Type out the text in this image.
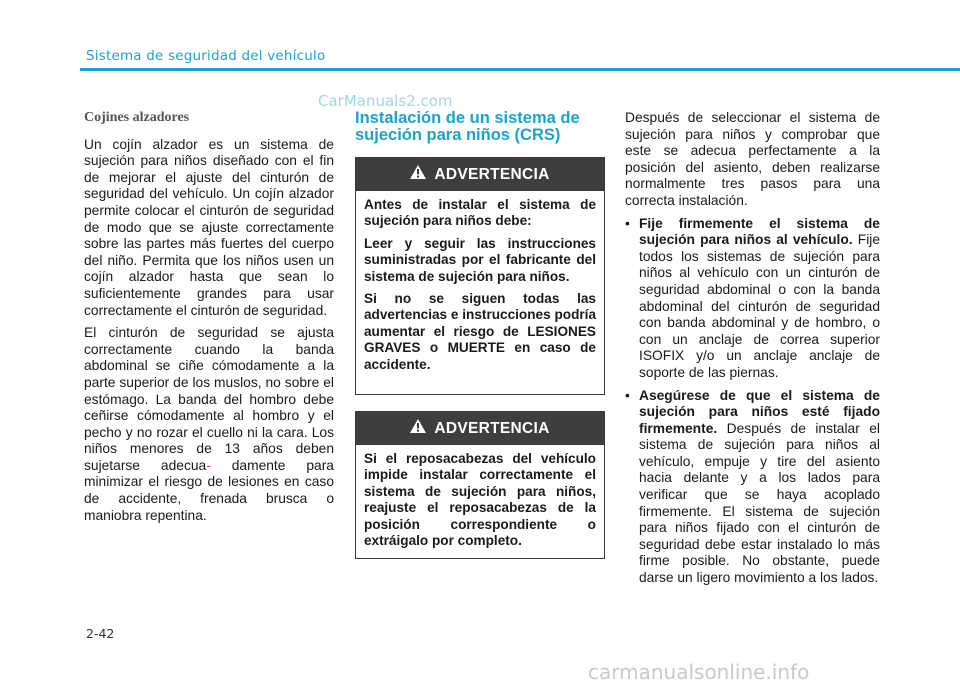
Sistema de seguridad del vehículo
CarManuals2.com
Cojines alzadores

Un cojín alzador es un sistema de sujeción para niños diseñado con el fin de mejorar el ajuste del cinturón de seguridad del vehículo. Un cojín alzador permite colocar el cinturón de seguridad de modo que se ajuste correctamente sobre las partes más fuertes del cuerpo del niño. Permita que los niños usen un cojín alzador hasta que sean lo suficientemente grandes para usar correctamente el cinturón de seguridad.

El cinturón de seguridad se ajusta correctamente cuando la banda abdominal se ciñe cómodamente a la parte superior de los muslos, no sobre el estómago. La banda del hombro debe ceñirse cómodamente al hombro y el pecho y no rozar el cuello ni la cara. Los niños menores de 13 años deben sujetarse adecua- damente para minimizar el riesgo de lesiones en caso de accidente, frenada brusca o maniobra repentina.

Instalación de un sistema de sujeción para niños (CRS)
ADVERTENCIA

Antes de instalar el sistema de sujeción para niños debe:

Leer y seguir las instrucciones suministradas por el fabricante del sistema de sujeción para niños.

Si no se siguen todas las advertencias e instrucciones podría aumentar el riesgo de LESIONES GRAVES o MUERTE en caso de accidente.

ADVERTENCIA

Si el reposacabezas del vehículo impide instalar correctamente el sistema de sujeción para niños, reajuste el reposacabezas de la posición correspondiente o extráigalo por completo.

Después de seleccionar el sistema de sujeción para niños y comprobar que este se adecua perfectamente a la posición del asiento, deben realizarse normalmente tres pasos para una correcta instalación.

• Fije firmemente el sistema de sujeción para niños al vehículo. Fije todos los sistemas de sujeción para niños al vehículo con un cinturón de seguridad abdominal o con la banda abdominal del cinturón de seguridad con banda abdominal y de hombro, o con un anclaje de correa superior ISOFIX y/o un anclaje anclaje de soporte de las piernas.
• Asegúrese de que el sistema de sujeción para niños esté fijado firmemente. Después de instalar el sistema de sujeción para niños al vehículo, empuje y tire del asiento hacia delante y a los lados para verificar que se haya acoplado firmemente. El sistema de sujeción para niños fijado con el cinturón de seguridad debe estar instalado lo más firme posible. No obstante, puede darse un ligero movimiento a los lados.
2-42
carmanualsonline.info
